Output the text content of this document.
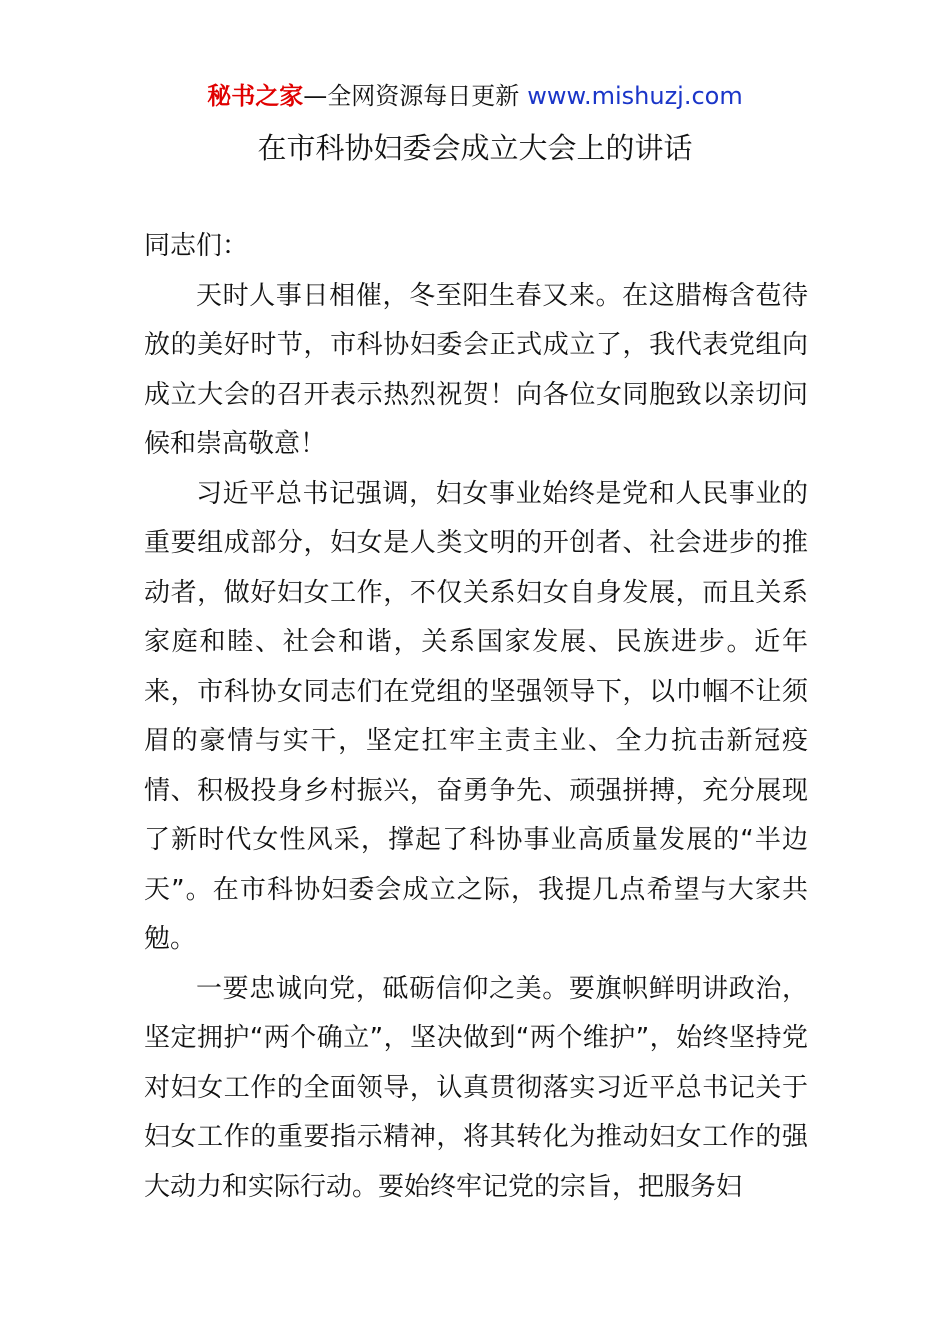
秘书之家—全网资源每日更新 www.mishuzj.com
在市科协妇委会成立大会上的讲话

同志们：

天时人事日相催，冬至阳生春又来。在这腊梅含苞待放的美好时节，市科协妇委会正式成立了，我代表党组向成立大会的召开表示热烈祝贺！向各位女同胞致以亲切问候和崇高敬意！

习近平总书记强调，妇女事业始终是党和人民事业的重要组成部分，妇女是人类文明的开创者、社会进步的推动者，做好妇女工作，不仅关系妇女自身发展，而且关系家庭和睦、社会和谐，关系国家发展、民族进步。近年来，市科协女同志们在党组的坚强领导下，以巾帼不让须眉的豪情与实干，坚定扛牢主责主业、全力抗击新冠疫情、积极投身乡村振兴，奋勇争先、顽强拼搏，充分展现了新时代女性风采，撑起了科协事业高质量发展的“半边天”。在市科协妇委会成立之际，我提几点希望与大家共勉。

一要忠诚向党，砥砺信仰之美。要旗帜鲜明讲政治，坚定拥护“两个确立”，坚决做到“两个维护”，始终坚持党对妇女工作的全面领导，认真贯彻落实习近平总书记关于妇女工作的重要指示精神，将其转化为推动妇女工作的强大动力和实际行动。要始终牢记党的宗旨，把服务妇
